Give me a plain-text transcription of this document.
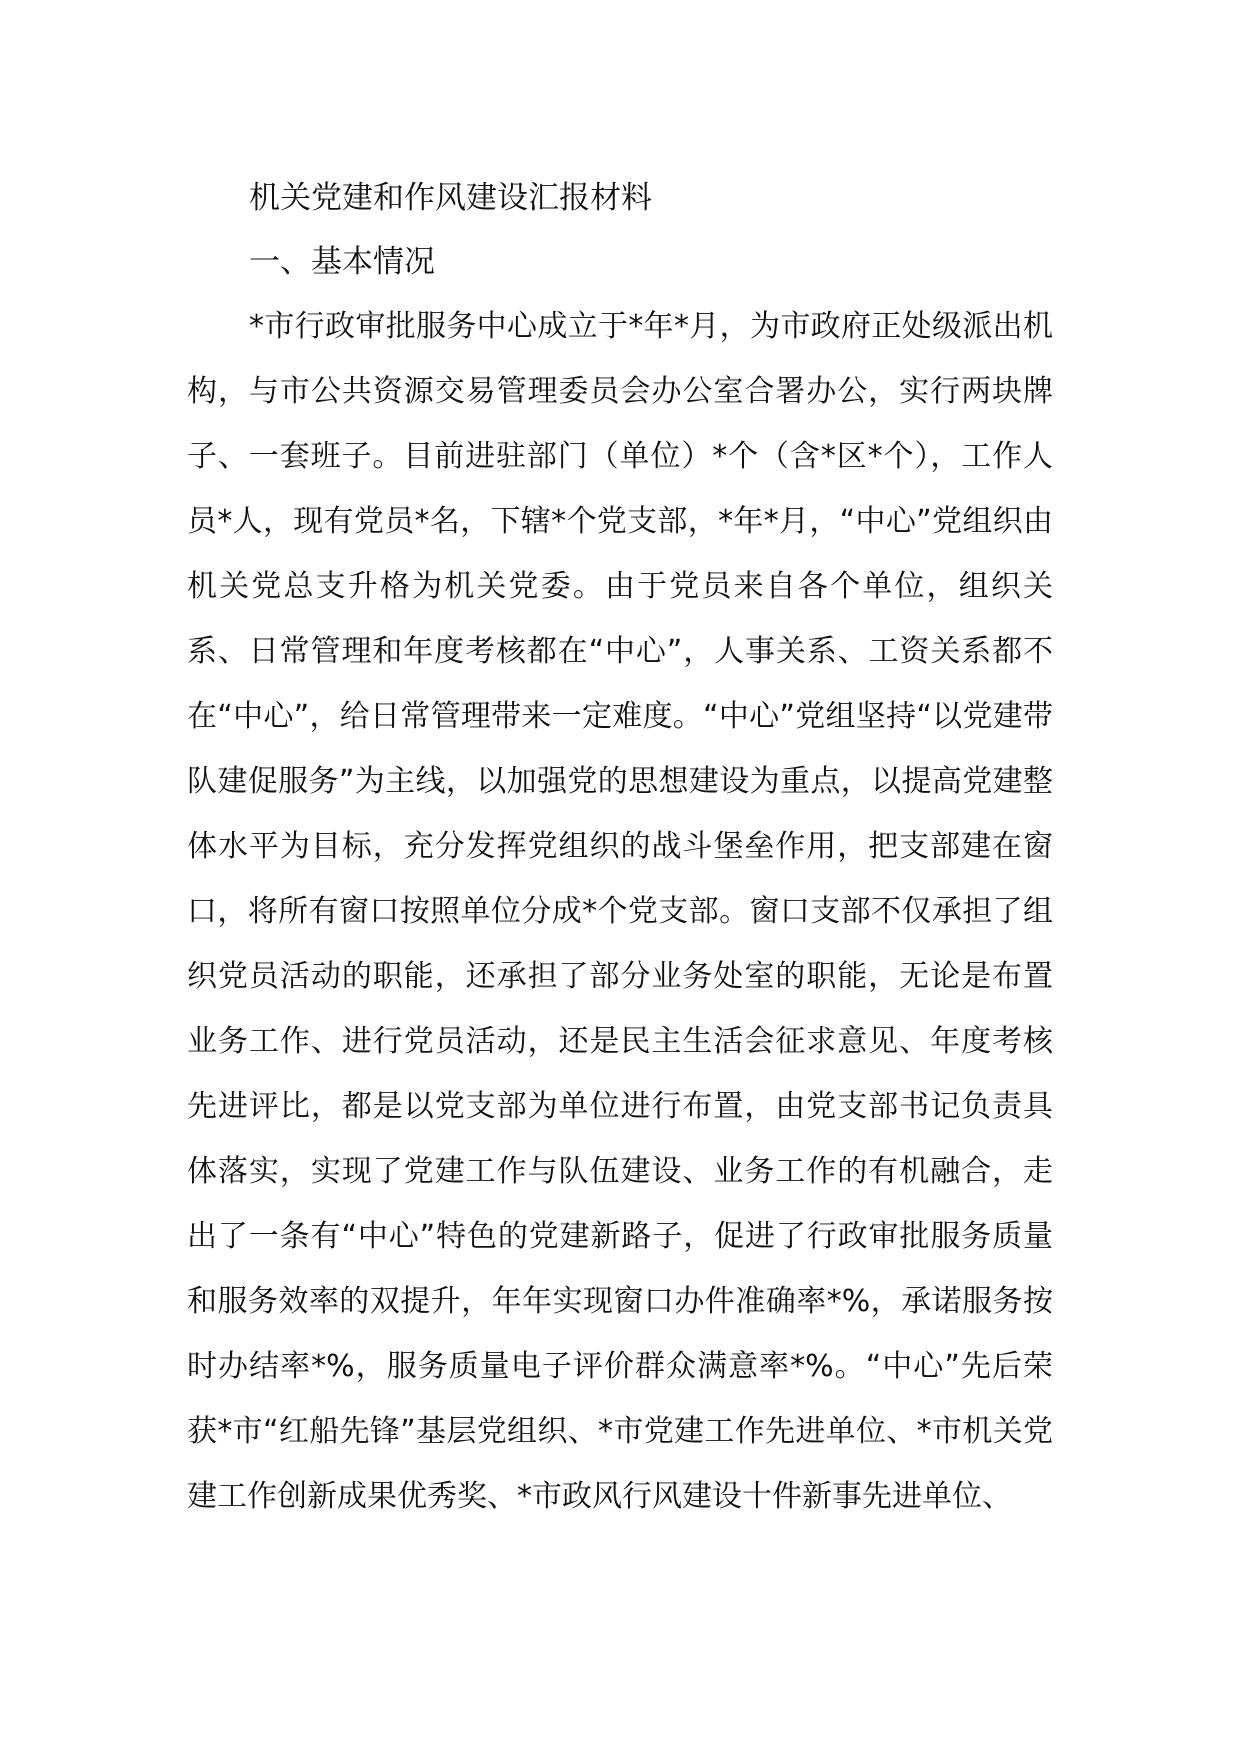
机关党建和作风建设汇报材料
一、基本情况

*市行政审批服务中心成立于*年*月，为市政府正处级派出机构，与市公共资源交易管理委员会办公室合署办公，实行两块牌子、一套班子。目前进驻部门（单位）*个（含*区*个），工作人员*人，现有党员*名，下辖*个党支部，*年*月，“中心”党组织由机关党总支升格为机关党委。由于党员来自各个单位，组织关系、日常管理和年度考核都在“中心”，人事关系、工资关系都不在“中心”，给日常管理带来一定难度。“中心”党组坚持“以党建带队建促服务”为主线，以加强党的思想建设为重点，以提高党建整体水平为目标，充分发挥党组织的战斗堡垒作用，把支部建在窗口，将所有窗口按照单位分成*个党支部。窗口支部不仅承担了组织党员活动的职能，还承担了部分业务处室的职能，无论是布置业务工作、进行党员活动，还是民主生活会征求意见、年度考核先进评比，都是以党支部为单位进行布置，由党支部书记负责具体落实，实现了党建工作与队伍建设、业务工作的有机融合，走出了一条有“中心”特色的党建新路子，促进了行政审批服务质量和服务效率的双提升，年年实现窗口办件准确率*%，承诺服务按时办结率*%，服务质量电子评价群众满意率*%。“中心”先后荣获*市“红船先锋”基层党组织、*市党建工作先进单位、*市机关党建工作创新成果优秀奖、*市政风行风建设十件新事先进单位、
